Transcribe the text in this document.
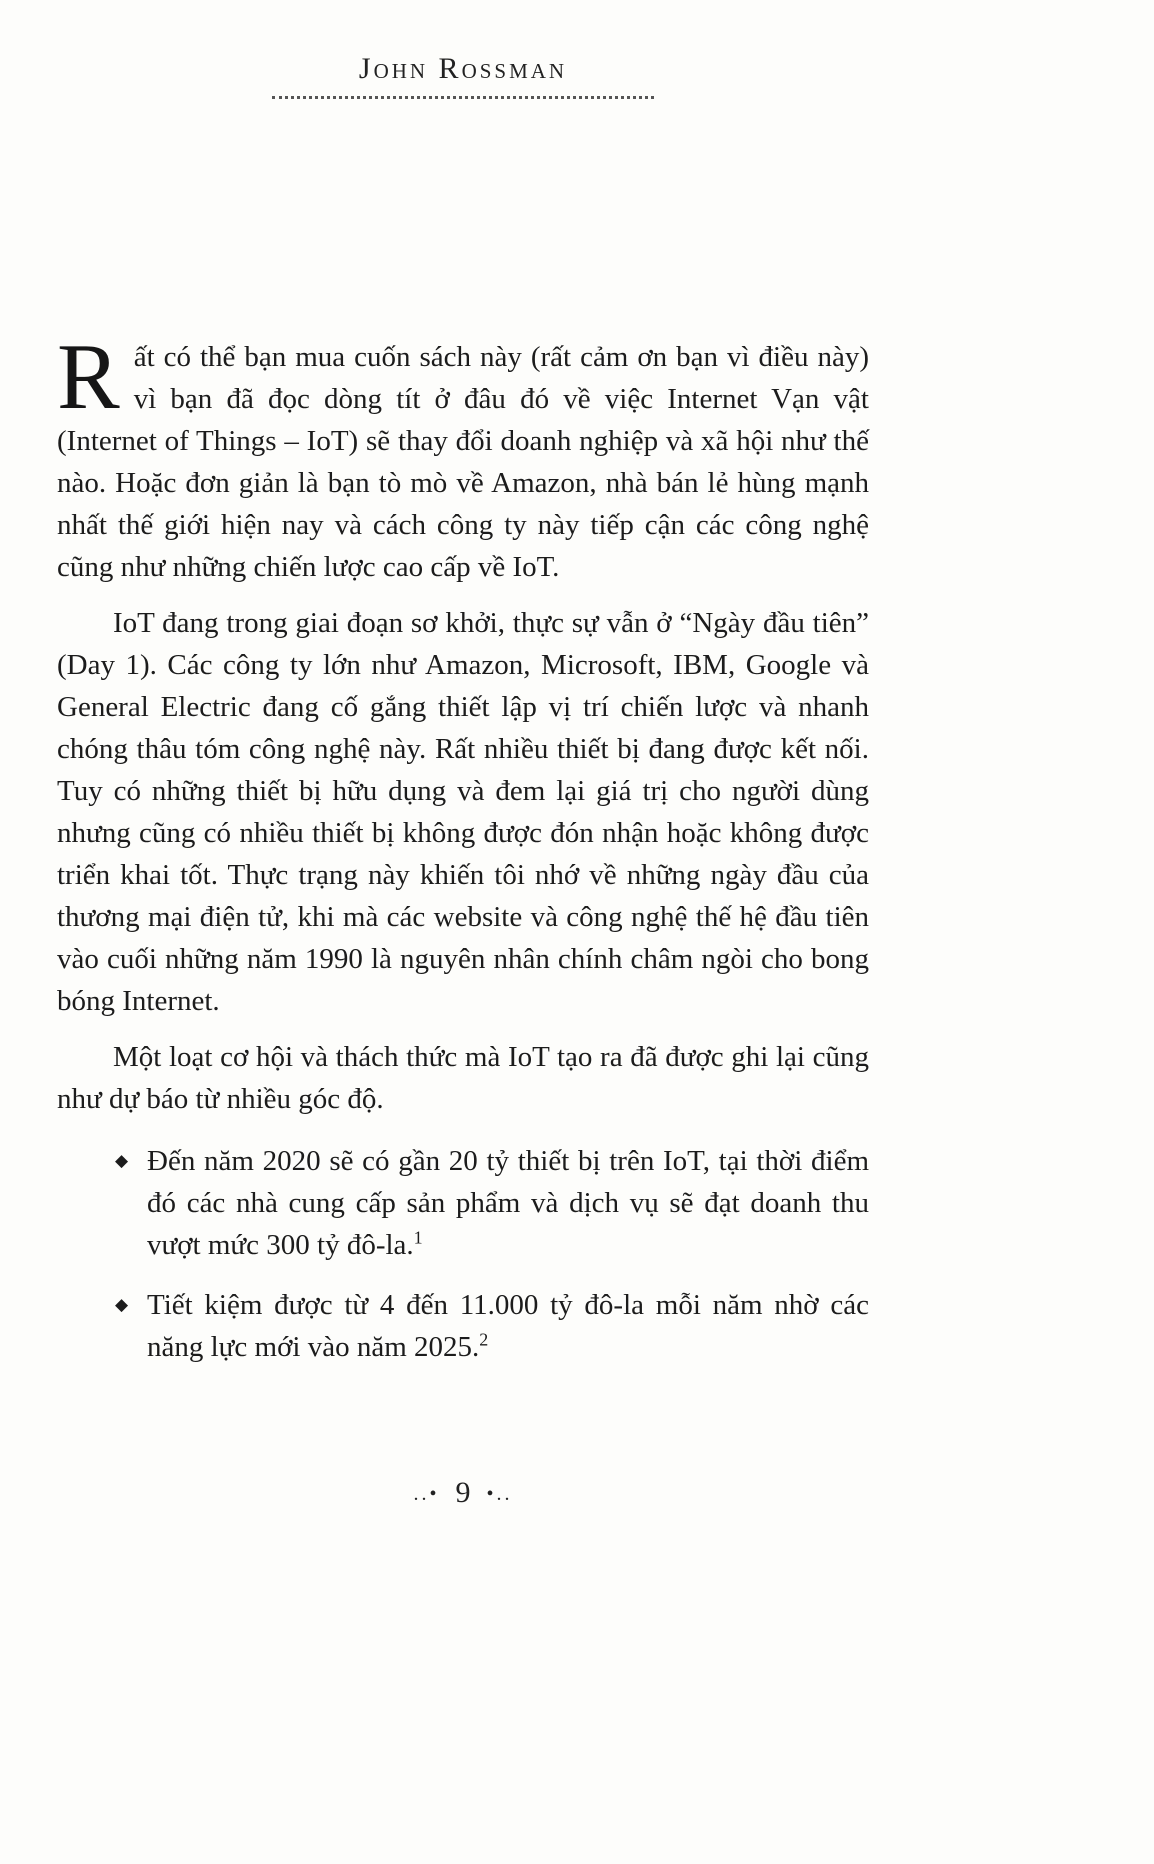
John Rossman

Rất có thể bạn mua cuốn sách này (rất cảm ơn bạn vì điều này) vì bạn đã đọc dòng tít ở đâu đó về việc Internet Vạn vật (Internet of Things – IoT) sẽ thay đổi doanh nghiệp và xã hội như thế nào. Hoặc đơn giản là bạn tò mò về Amazon, nhà bán lẻ hùng mạnh nhất thế giới hiện nay và cách công ty này tiếp cận các công nghệ cũng như những chiến lược cao cấp về IoT.

IoT đang trong giai đoạn sơ khởi, thực sự vẫn ở “Ngày đầu tiên” (Day 1). Các công ty lớn như Amazon, Microsoft, IBM, Google và General Electric đang cố gắng thiết lập vị trí chiến lược và nhanh chóng thâu tóm công nghệ này. Rất nhiều thiết bị đang được kết nối. Tuy có những thiết bị hữu dụng và đem lại giá trị cho người dùng nhưng cũng có nhiều thiết bị không được đón nhận hoặc không được triển khai tốt. Thực trạng này khiến tôi nhớ về những ngày đầu của thương mại điện tử, khi mà các website và công nghệ thế hệ đầu tiên vào cuối những năm 1990 là nguyên nhân chính châm ngòi cho bong bóng Internet.

Một loạt cơ hội và thách thức mà IoT tạo ra đã được ghi lại cũng như dự báo từ nhiều góc độ.

◆ Đến năm 2020 sẽ có gần 20 tỷ thiết bị trên IoT, tại thời điểm đó các nhà cung cấp sản phẩm và dịch vụ sẽ đạt doanh thu vượt mức 300 tỷ đô-la.$^1$
◆ Tiết kiệm được từ 4 đến 11.000 tỷ đô-la mỗi năm nhờ các năng lực mới vào năm 2025.$^2$
..• 9 •..
